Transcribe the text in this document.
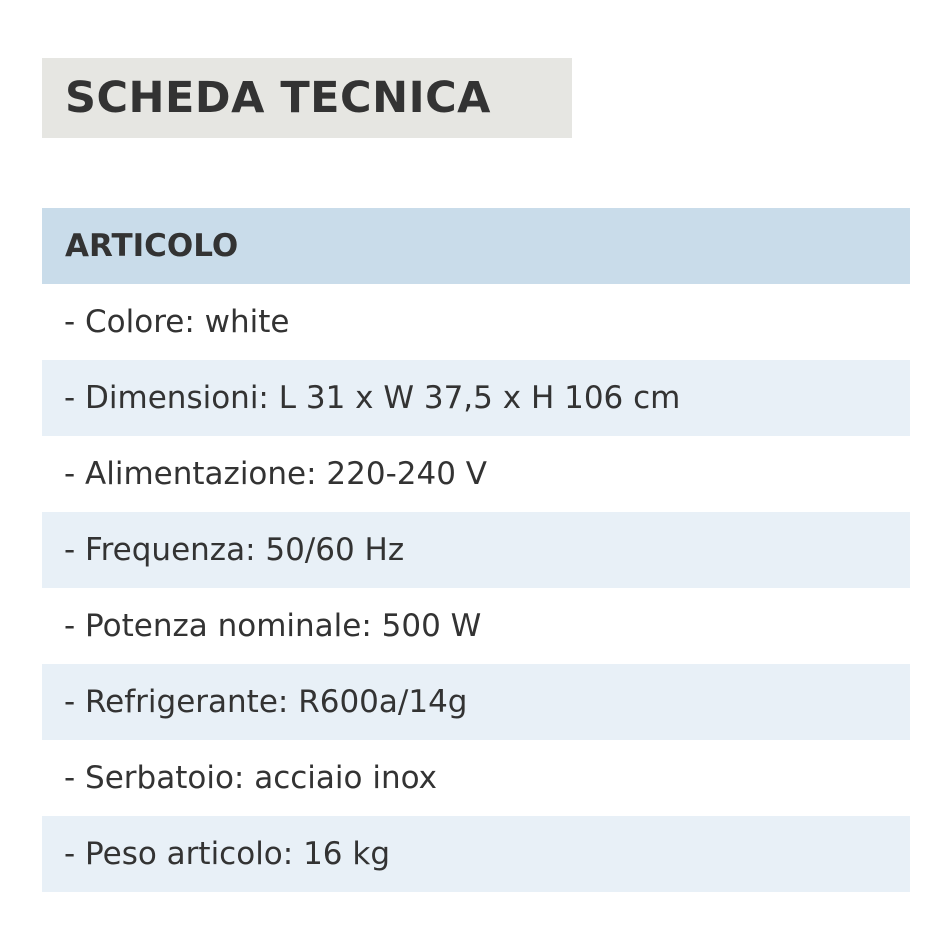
SCHEDA TECNICA
ARTICOLO
- Colore: white
- Dimensioni: L 31 x W 37,5 x H 106 cm
- Alimentazione: 220-240 V
- Frequenza: 50/60 Hz
- Potenza nominale: 500 W
- Refrigerante: R600a/14g
- Serbatoio: acciaio inox
- Peso articolo: 16 kg
